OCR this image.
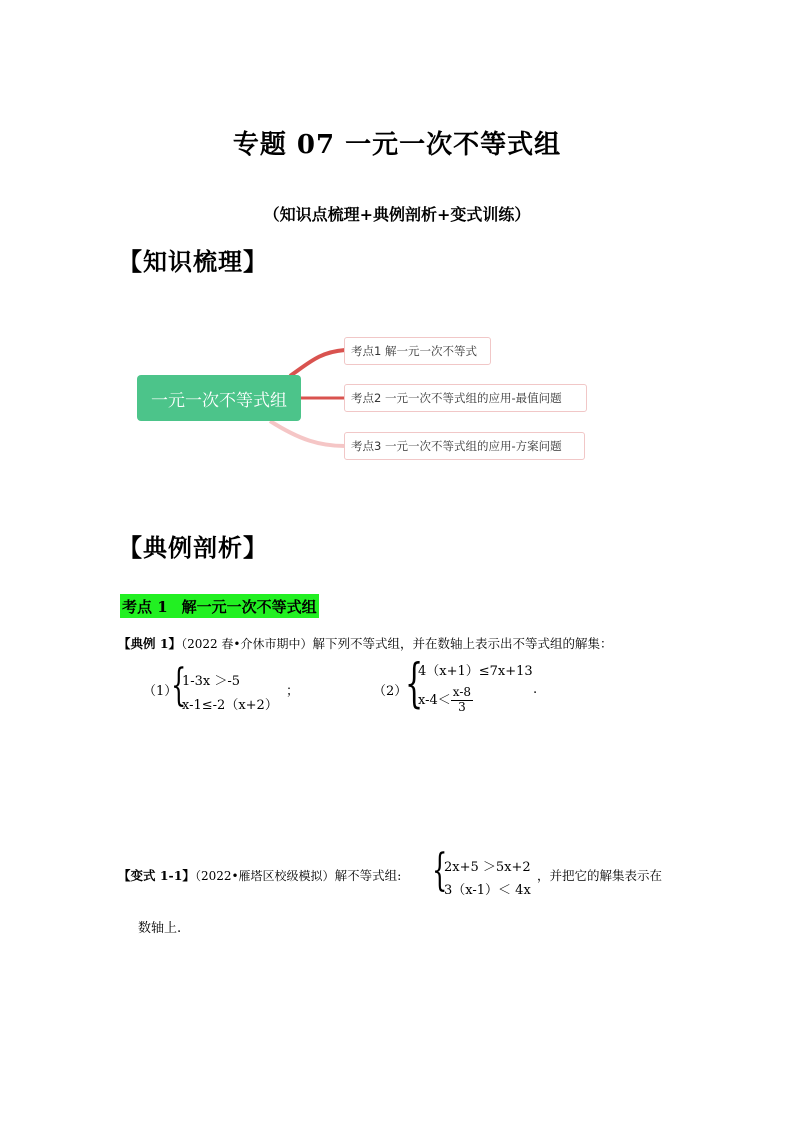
专题 07 一元一次不等式组
（知识点梳理+典例剖析+变式训练）
【知识梳理】
一元一次不等式组
考点1 解一元一次不等式
考点2 一元一次不等式组的应用-最值问题
考点3 一元一次不等式组的应用-方案问题
【典例剖析】
考点 1 解一元一次不等式组
【典例 1】（2022 春•介休市期中）解下列不等式组，并在数轴上表示出不等式组的解集：
（1）
{
1-3x ＞-5
x-1≤-2（x+2）
；	（2）
{
4（x+1）≤7x+13
$x-4< \frac{x-8}{3}$	.
【变式 1-1】（2022•雁塔区校级模拟）解不等式组: {
2x+5 ＞5x+2
3（x-1）＜ 4x
，并把它的解集表示在
数轴上.
